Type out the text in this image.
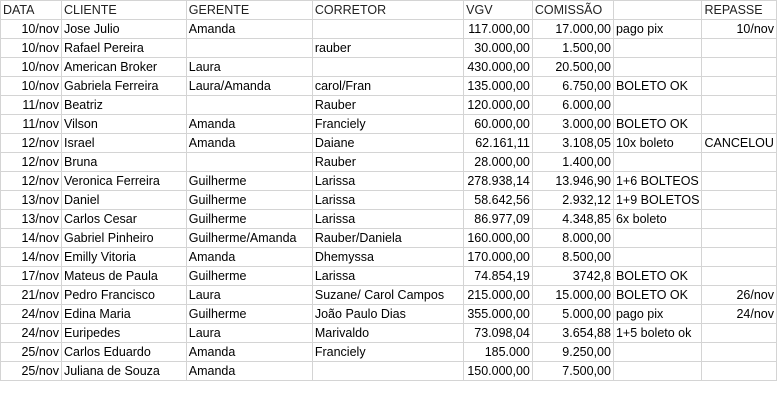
DATA	CLIENTE	GERENTE	CORRETOR	VGV	COMISSÃO		REPASSE
10/nov	Jose Julio	Amanda		117.000,00	17.000,00	pago pix	10/nov
10/nov	Rafael Pereira		rauber	30.000,00	1.500,00		
10/nov	American Broker	Laura		430.000,00	20.500,00		
10/nov	Gabriela Ferreira	Laura/Amanda	carol/Fran	135.000,00	6.750,00	BOLETO OK	
11/nov	Beatriz		Rauber	120.000,00	6.000,00		
11/nov	Vilson	Amanda	Franciely	60.000,00	3.000,00	BOLETO OK	
12/nov	Israel	Amanda	Daiane	62.161,11	3.108,05	10x boleto	CANCELOU
12/nov	Bruna		Rauber	28.000,00	1.400,00		
12/nov	Veronica Ferreira	Guilherme	Larissa	278.938,14	13.946,90	1+6 BOLTEOS	
13/nov	Daniel	Guilherme	Larissa	58.642,56	2.932,12	1+9 BOLETOS	
13/nov	Carlos Cesar	Guilherme	Larissa	86.977,09	4.348,85	6x boleto	
14/nov	Gabriel Pinheiro	Guilherme/Amanda	Rauber/Daniela	160.000,00	8.000,00		
14/nov	Emilly Vitoria	Amanda	Dhemyssa	170.000,00	8.500,00		
17/nov	Mateus de Paula	Guilherme	Larissa	74.854,19	3742,8	BOLETO OK	
21/nov	Pedro Francisco	Laura	Suzane/ Carol Campos	215.000,00	15.000,00	BOLETO OK	26/nov
24/nov	Edina Maria	Guilherme	João Paulo Dias	355.000,00	5.000,00	pago pix	24/nov
24/nov	Euripedes	Laura	Marivaldo	73.098,04	3.654,88	1+5 boleto ok	
25/nov	Carlos Eduardo	Amanda	Franciely	185.000	9.250,00		
25/nov	Juliana de Souza	Amanda		150.000,00	7.500,00		
